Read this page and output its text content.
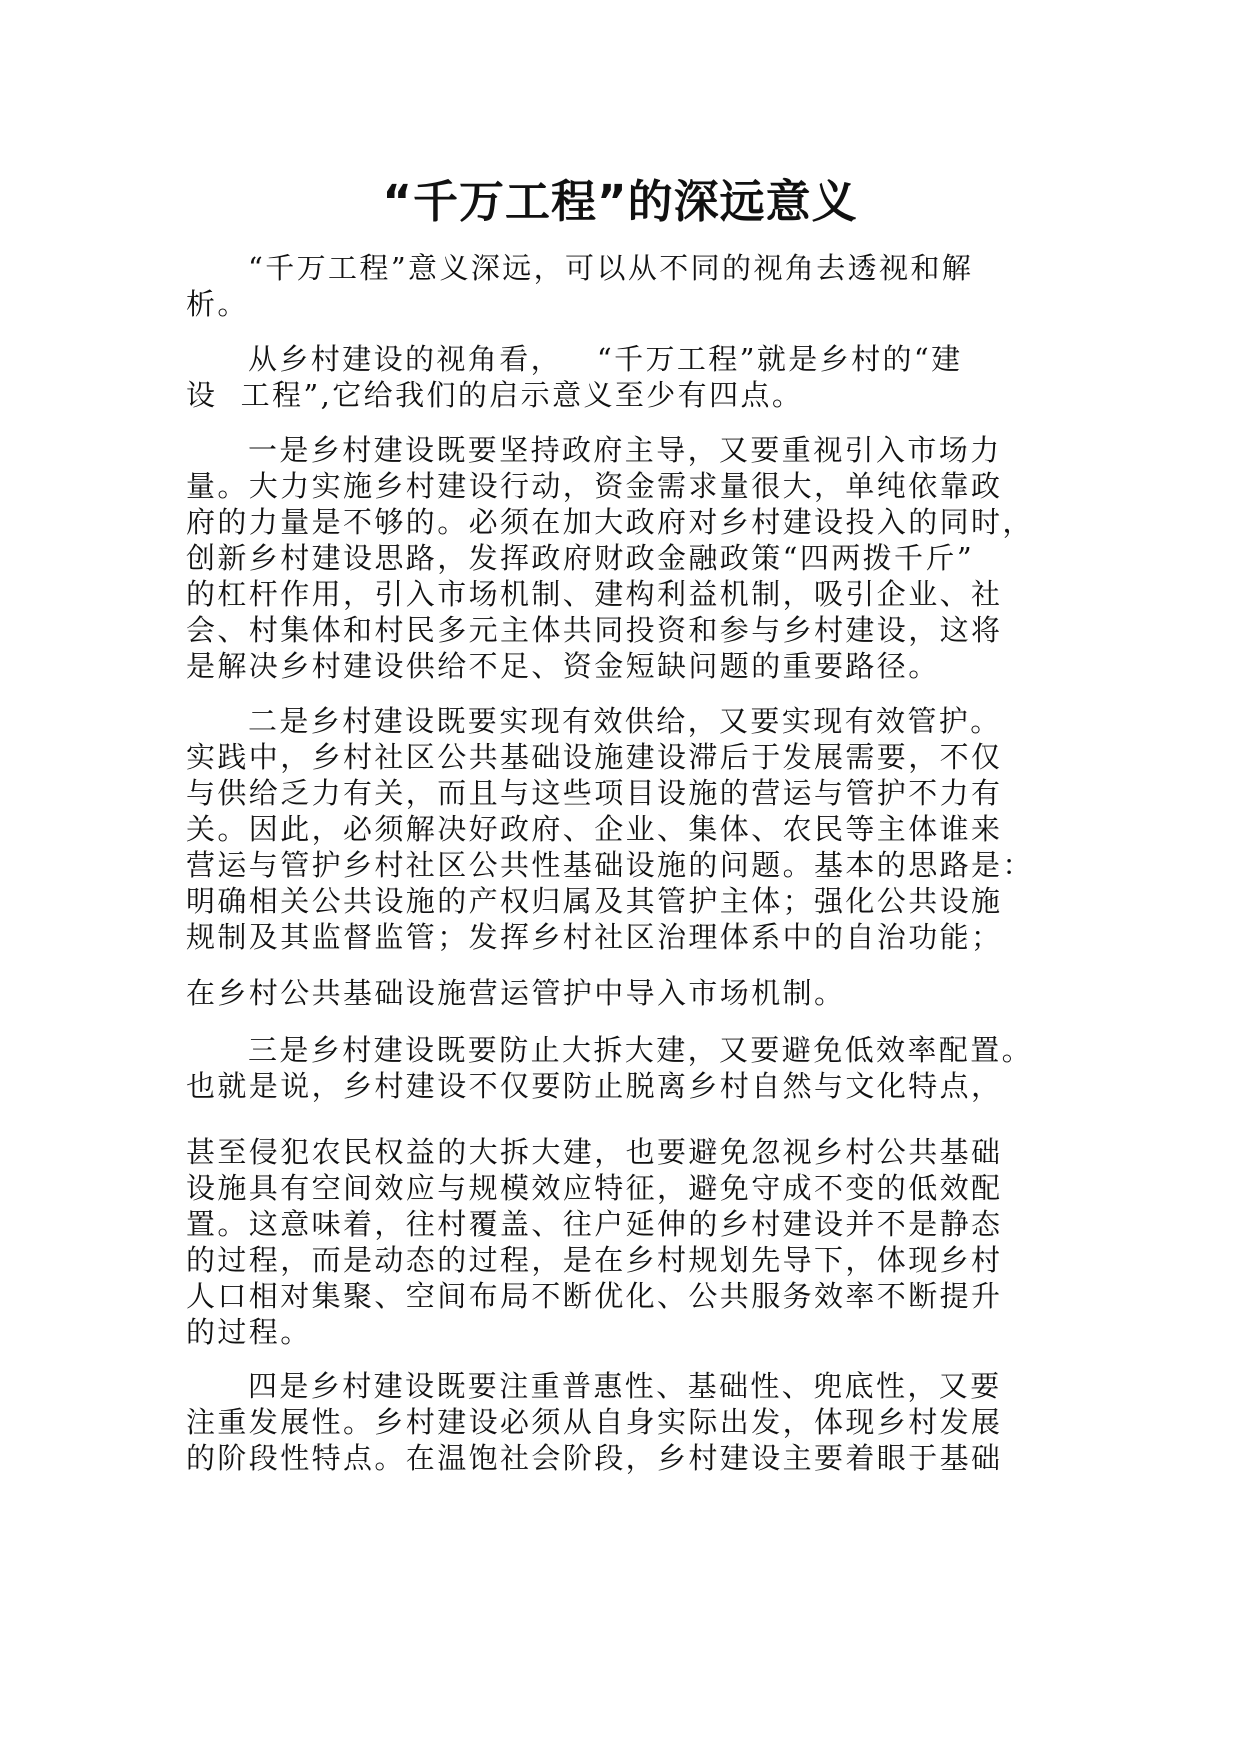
“千万工程”的深远意义
“千万工程”意义深远，可以从不同的视角去透视和解
析。
从乡村建设的视角看，   “千万工程”就是乡村的“建
设  工程”,它给我们的启示意义至少有四点。
一是乡村建设既要坚持政府主导，又要重视引入市场力
量。大力实施乡村建设行动，资金需求量很大，单纯依靠政
府的力量是不够的。必须在加大政府对乡村建设投入的同时，
创新乡村建设思路，发挥政府财政金融政策“四两拨千斤”
的杠杆作用，引入市场机制、建构利益机制，吸引企业、社
会、村集体和村民多元主体共同投资和参与乡村建设，这将
是解决乡村建设供给不足、资金短缺问题的重要路径。
二是乡村建设既要实现有效供给，又要实现有效管护。
实践中，乡村社区公共基础设施建设滞后于发展需要，不仅
与供给乏力有关，而且与这些项目设施的营运与管护不力有
关。因此，必须解决好政府、企业、集体、农民等主体谁来
营运与管护乡村社区公共性基础设施的问题。基本的思路是：
明确相关公共设施的产权归属及其管护主体；强化公共设施
规制及其监督监管；发挥乡村社区治理体系中的自治功能；
在乡村公共基础设施营运管护中导入市场机制。
三是乡村建设既要防止大拆大建，又要避免低效率配置。
也就是说，乡村建设不仅要防止脱离乡村自然与文化特点，
甚至侵犯农民权益的大拆大建，也要避免忽视乡村公共基础
设施具有空间效应与规模效应特征，避免守成不变的低效配
置。这意味着，往村覆盖、往户延伸的乡村建设并不是静态
的过程，而是动态的过程，是在乡村规划先导下，体现乡村
人口相对集聚、空间布局不断优化、公共服务效率不断提升
的过程。
四是乡村建设既要注重普惠性、基础性、兜底性，又要
注重发展性。乡村建设必须从自身实际出发，体现乡村发展
的阶段性特点。在温饱社会阶段，乡村建设主要着眼于基础
